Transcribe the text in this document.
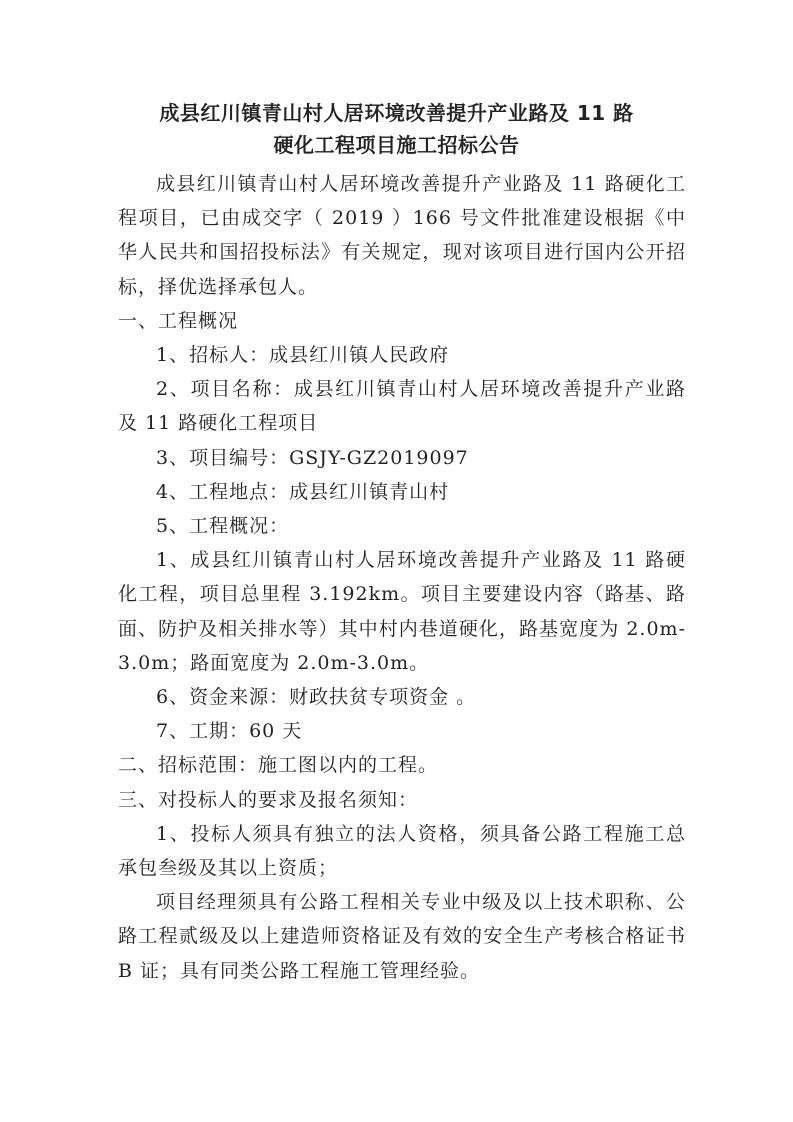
成县红川镇青山村人居环境改善提升产业路及 11 路
硬化工程项目施工招标公告

成县红川镇青山村人居环境改善提升产业路及 11 路硬化工程项目，已由成交字（ 2019 ）166 号文件批准建设根据《中华人民共和国招投标法》有关规定，现对该项目进行国内公开招标，择优选择承包人。

一、工程概况

1、招标人：成县红川镇人民政府

2、项目名称：成县红川镇青山村人居环境改善提升产业路及 11 路硬化工程项目

3、项目编号：GSJY-GZ2019097

4、工程地点：成县红川镇青山村

5、工程概况：

1、成县红川镇青山村人居环境改善提升产业路及 11 路硬化工程，项目总里程 3.192km。项目主要建设内容（路基、路面、防护及相关排水等）其中村内巷道硬化，路基宽度为 2.0m-3.0m；路面宽度为 2.0m-3.0m。

6、资金来源：财政扶贫专项资金 。

7、工期：60 天

二、招标范围：施工图以内的工程。

三、对投标人的要求及报名须知：

1、投标人须具有独立的法人资格，须具备公路工程施工总承包叁级及其以上资质；

项目经理须具有公路工程相关专业中级及以上技术职称、公路工程贰级及以上建造师资格证及有效的安全生产考核合格证书 B 证；具有同类公路工程施工管理经验。
